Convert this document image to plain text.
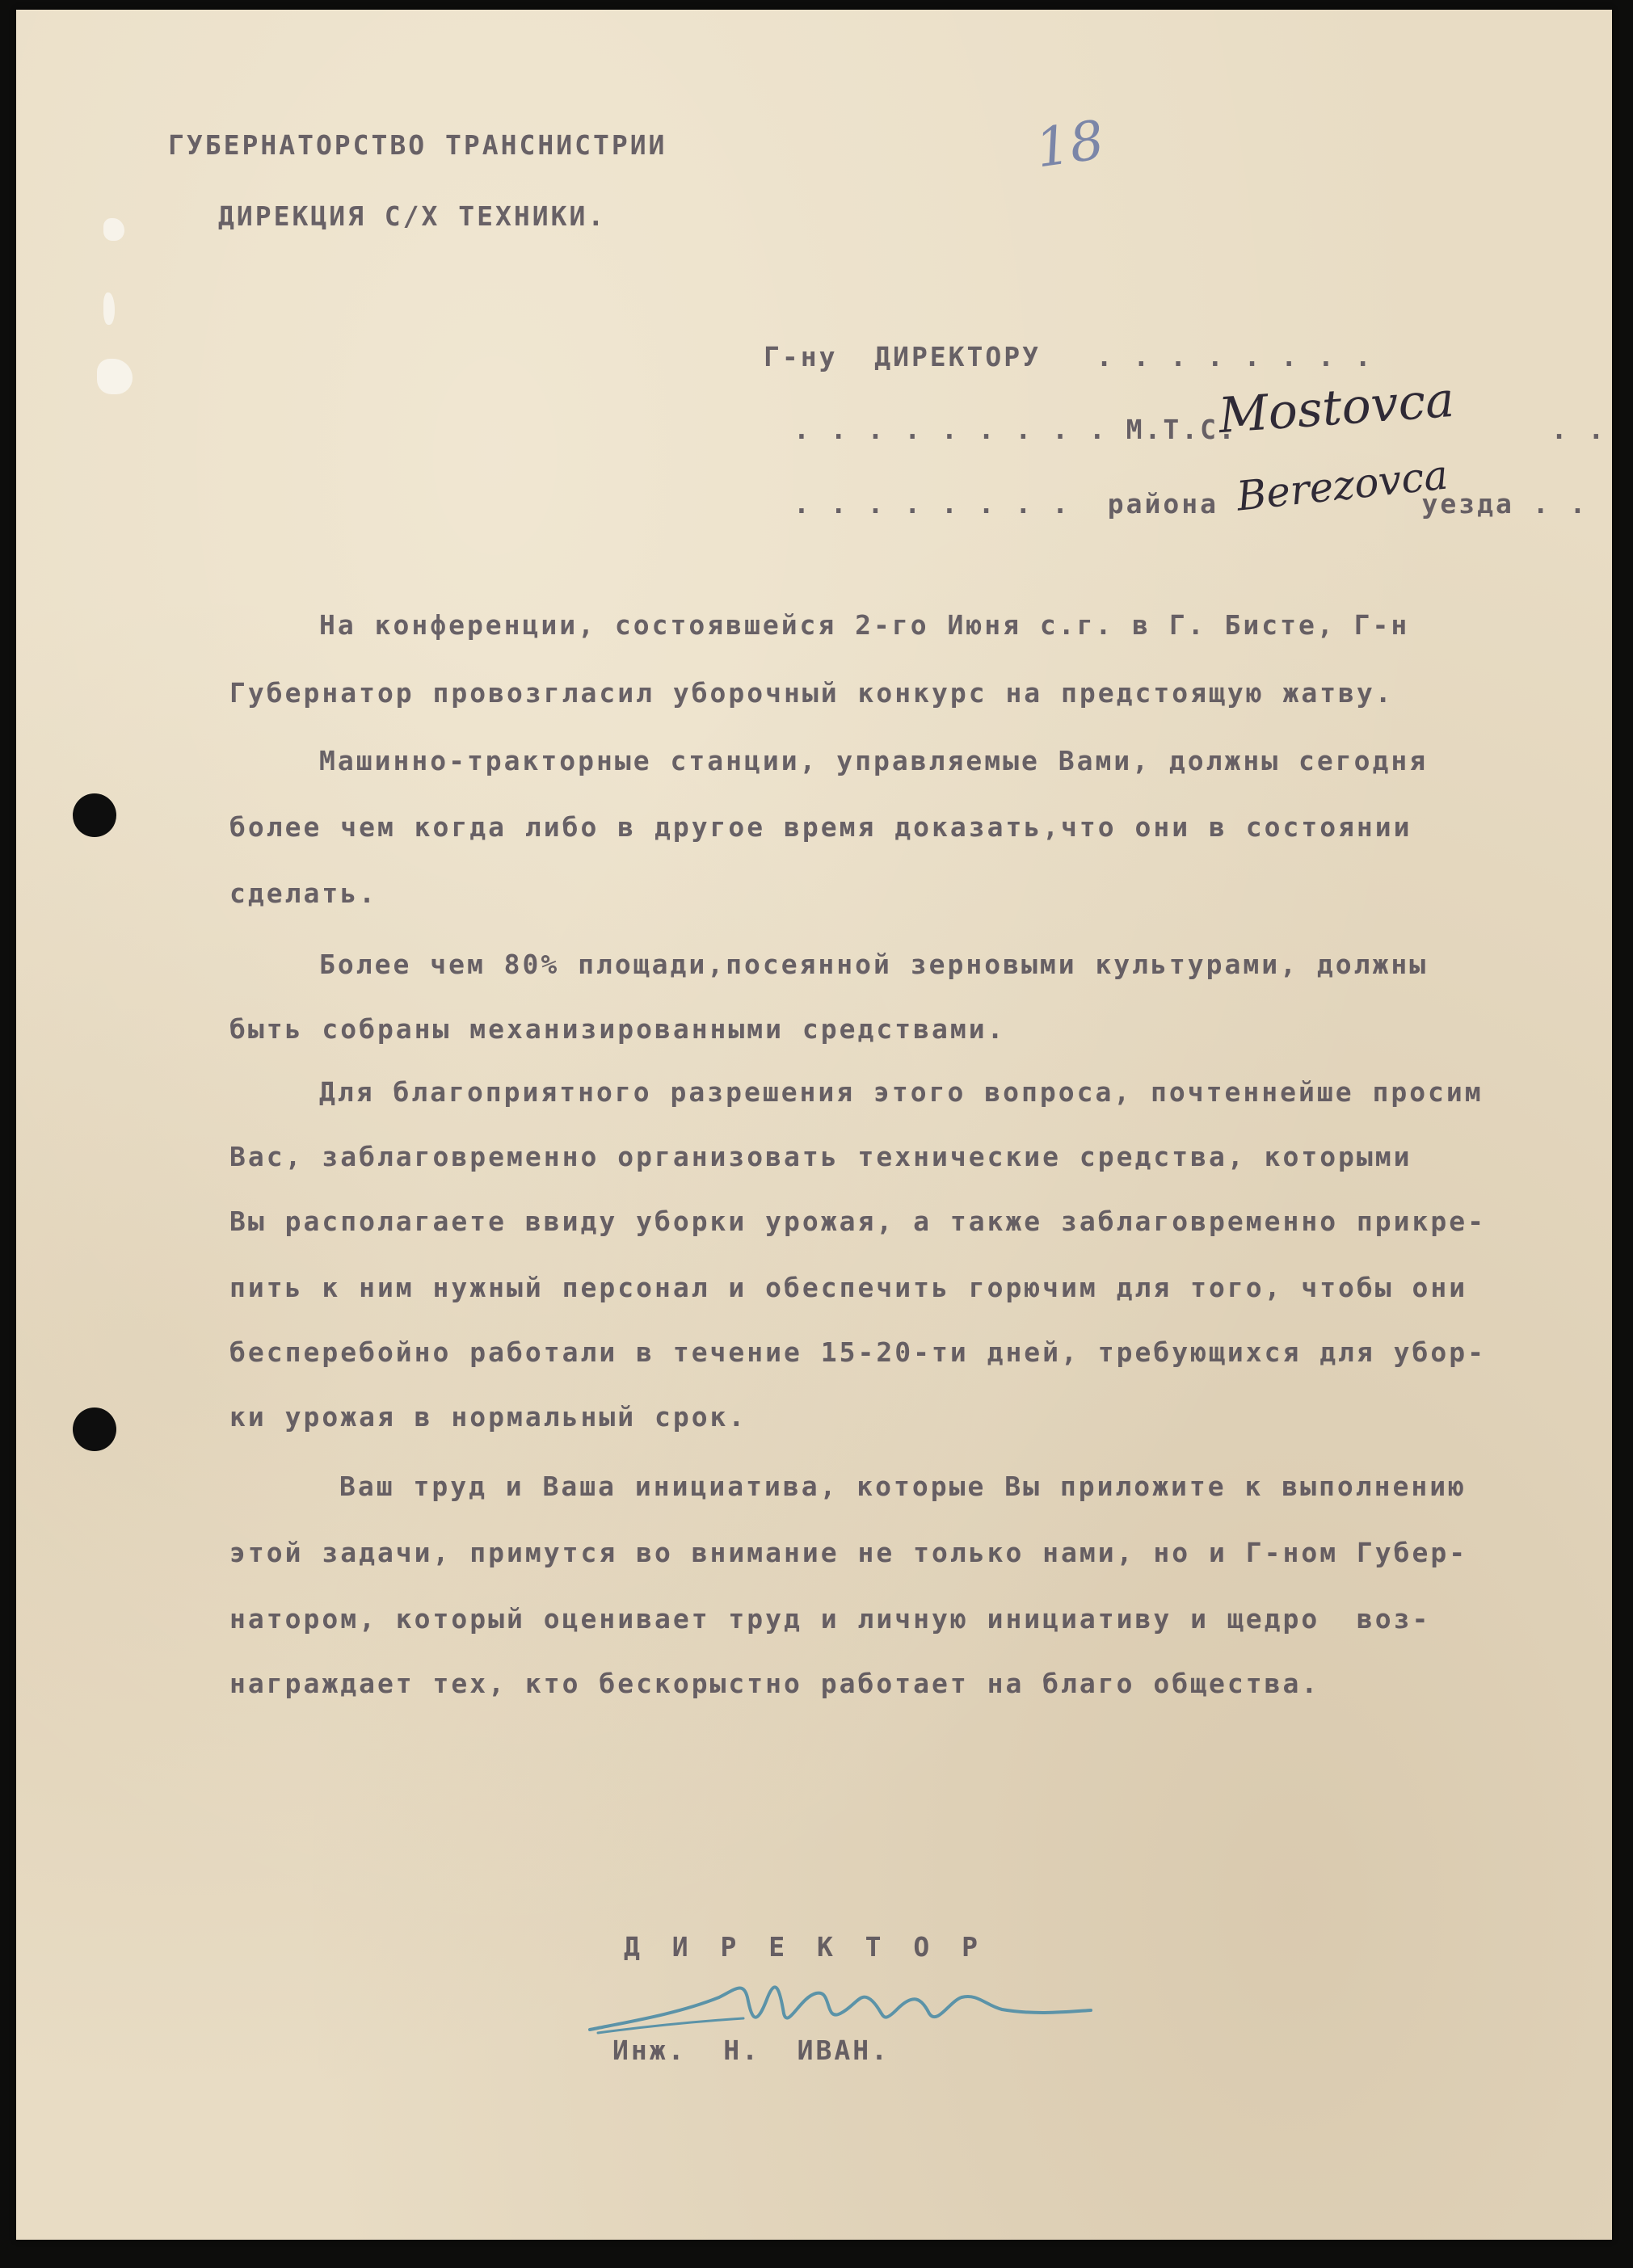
ГУБЕРНАТОРСТВО ТРАНСНИСТРИИ

ДИРЕКЦИЯ С/Х ТЕХНИКИ.

18

Г-ну  ДИРЕКТОРУ . . . . . . . .

. . . . . . . . . М.Т.С.	. .

Mostovca

. . . . . . . . района	уезда . .

Berezovca

На конференции, состоявшейся 2-го Июня с.г. в Г. Бисте, Г-н

Губернатор провозгласил уборочный конкурс на предстоящую жатву.

Машинно-тракторные станции, управляемые Вами, должны сегодня

более чем когда либо в другое время доказать,что они в состоянии

сделать.

Более чем 80% площади,посеянной зерновыми культурами, должны

быть собраны механизированными средствами.

Для благоприятного разрешения этого вопроса, почтеннейше просим

Вас, заблаговременно организовать технические средства, которыми

Вы располагаете ввиду уборки урожая, а также заблаговременно прикре-

пить к ним нужный персонал и обеспечить горючим для того, чтобы они

бесперебойно работали в течение 15-20-ти дней, требующихся для убор-

ки урожая в нормальный срок.

Ваш труд и Ваша инициатива, которые Вы приложите к выполнению

этой задачи, примутся во внимание не только нами, но и Г-ном Губер-

натором, который оценивает труд и личную инициативу и щедро  воз-

награждает тех, кто бескорыстно работает на благо общества.

Д И Р Е К Т О Р

Инж.  Н.  ИВАН.
